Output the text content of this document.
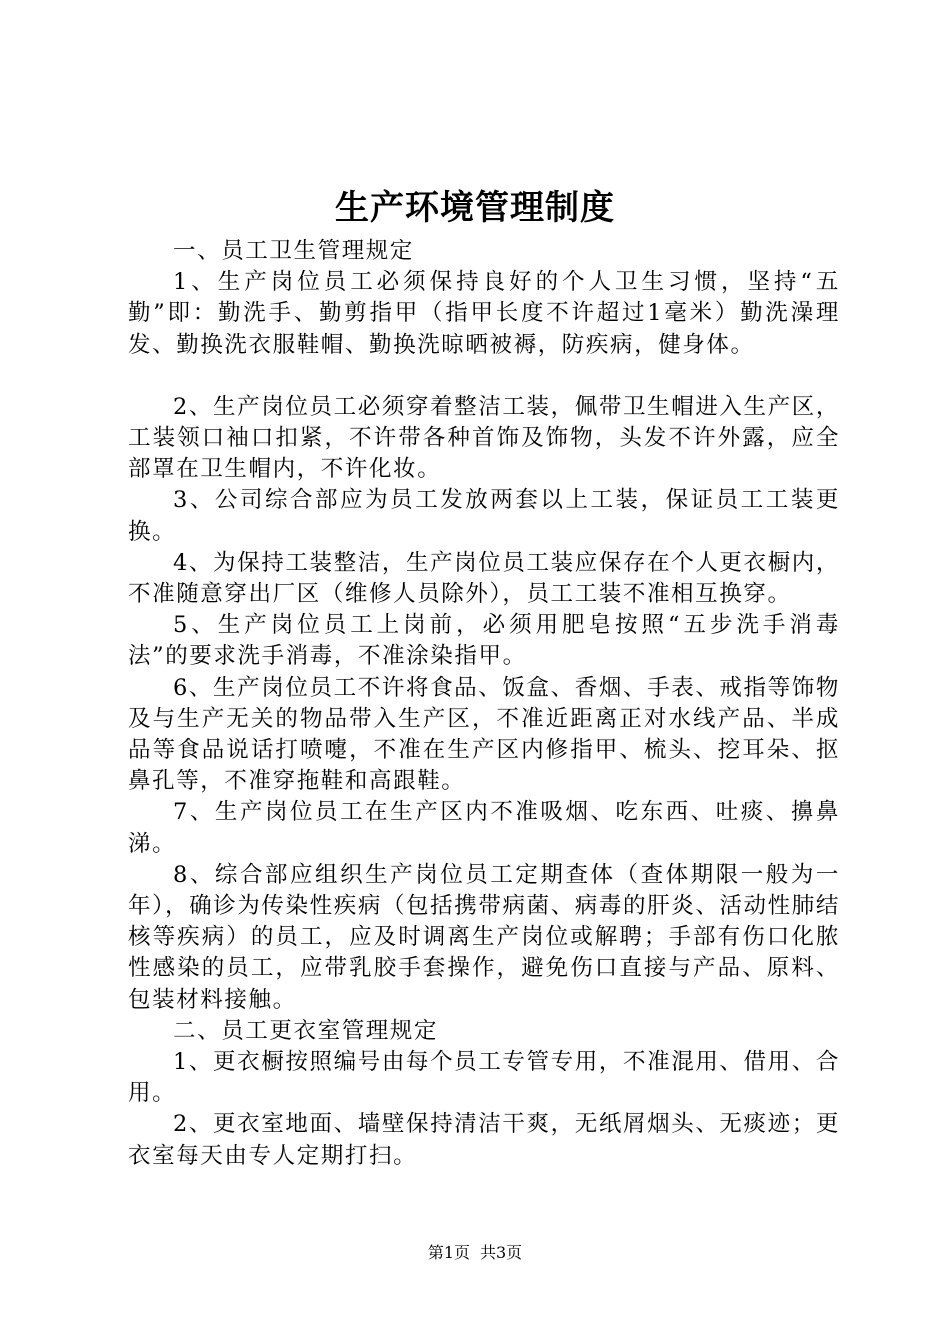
生产环境管理制度

一、员工卫生管理规定

1、生产岗位员工必须保持良好的个人卫生习惯，坚持“五勤”即：勤洗手、勤剪指甲（指甲长度不许超过1毫米）勤洗澡理发、勤换洗衣服鞋帽、勤换洗晾晒被褥，防疾病，健身体。

2、生产岗位员工必须穿着整洁工装，佩带卫生帽进入生产区，工装领口袖口扣紧，不许带各种首饰及饰物，头发不许外露，应全部罩在卫生帽内，不许化妆。

3、公司综合部应为员工发放两套以上工装，保证员工工装更换。

4、为保持工装整洁，生产岗位员工装应保存在个人更衣橱内，不准随意穿出厂区（维修人员除外），员工工装不准相互换穿。

5、生产岗位员工上岗前，必须用肥皂按照“五步洗手消毒法”的要求洗手消毒，不准涂染指甲。

6、生产岗位员工不许将食品、饭盒、香烟、手表、戒指等饰物及与生产无关的物品带入生产区，不准近距离正对水线产品、半成品等食品说话打喷嚏，不准在生产区内修指甲、梳头、挖耳朵、抠鼻孔等，不准穿拖鞋和高跟鞋。

7、生产岗位员工在生产区内不准吸烟、吃东西、吐痰、擤鼻涕。

8、综合部应组织生产岗位员工定期查体（查体期限一般为一年），确诊为传染性疾病（包括携带病菌、病毒的肝炎、活动性肺结核等疾病）的员工，应及时调离生产岗位或解聘；手部有伤口化脓性感染的员工，应带乳胶手套操作，避免伤口直接与产品、原料、包装材料接触。

二、员工更衣室管理规定

1、更衣橱按照编号由每个员工专管专用，不准混用、借用、合用。

2、更衣室地面、墙壁保持清洁干爽，无纸屑烟头、无痰迹；更衣室每天由专人定期打扫。

第1页 共3页
